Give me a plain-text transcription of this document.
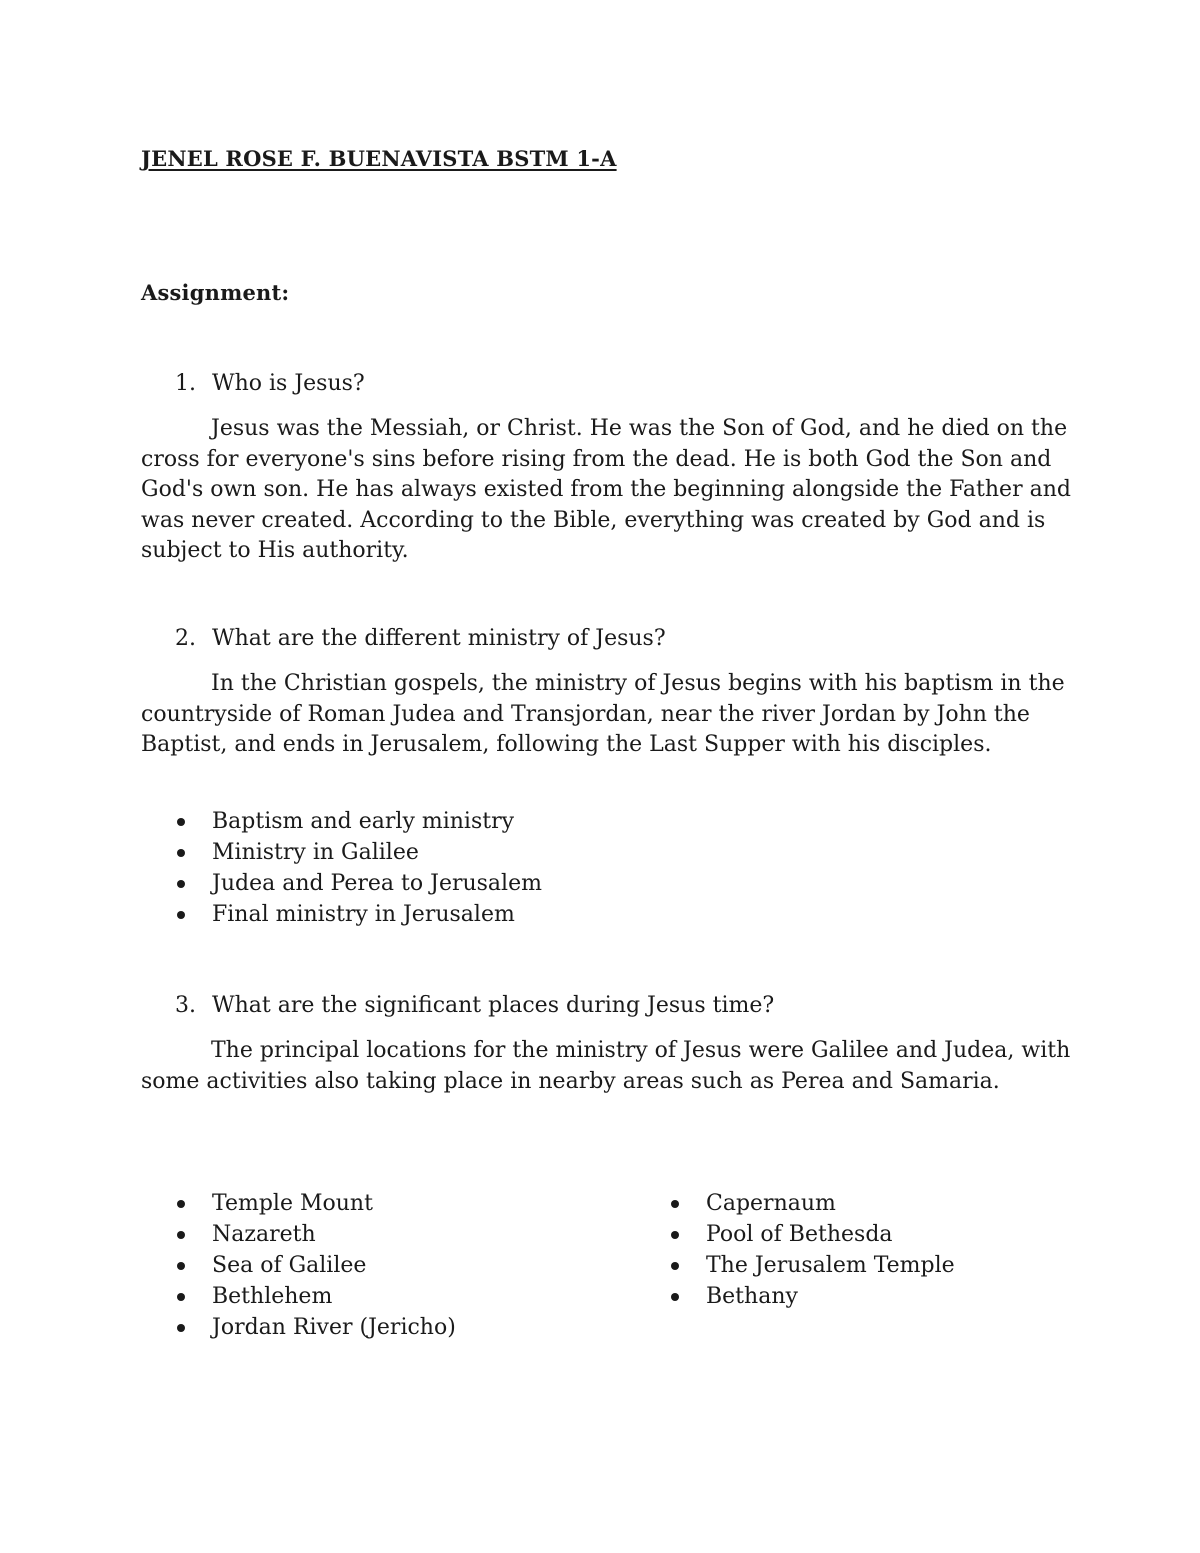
JENEL ROSE F. BUENAVISTA BSTM 1-A
Assignment:
1. Who is Jesus?

Jesus was the Messiah, or Christ. He was the Son of God, and he died on the cross for everyone's sins before rising from the dead. He is both God the Son and God's own son. He has always existed from the beginning alongside the Father and was never created. According to the Bible, everything was created by God and is subject to His authority.

2. What are the different ministry of Jesus?

In the Christian gospels, the ministry of Jesus begins with his baptism in the countryside of Roman Judea and Transjordan, near the river Jordan by John the Baptist, and ends in Jerusalem, following the Last Supper with his disciples.

Baptism and early ministry
Ministry in Galilee
Judea and Perea to Jerusalem
Final ministry in Jerusalem
3. What are the significant places during Jesus time?

The principal locations for the ministry of Jesus were Galilee and Judea, with some activities also taking place in nearby areas such as Perea and Samaria.

Temple Mount
Nazareth
Sea of Galilee
Bethlehem
Jordan River (Jericho)
Capernaum
Pool of Bethesda
The Jerusalem Temple
Bethany
